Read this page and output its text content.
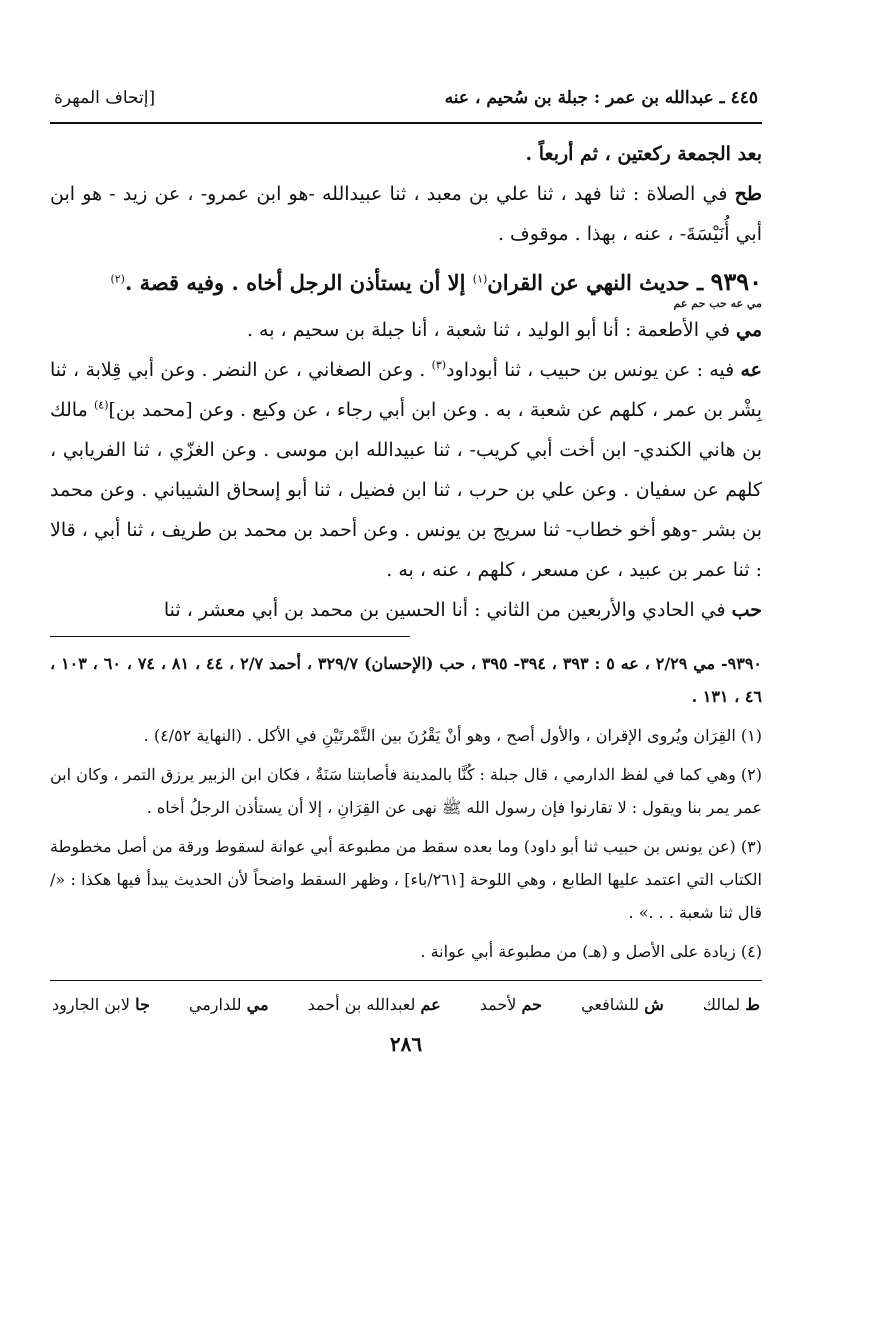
٤٤٥ ـ عبدالله بن عمر : جبلة بن سُحيم ، عنه
[إتحاف المهرة

بعد الجمعة ركعتين ، ثم أربعاً .

طح في الصلاة : ثنا فهد ، ثنا علي بن معبد ، ثنا عبيدالله -هو ابن عمرو- ، عن زيد - هو ابن أبي أُنَيْسَةَ- ، عنه ، بهذا . موقوف .

٩٣٩٠ ـ حديث النهي عن القران$^{(١)}$ إلا أن يستأذن الرجل أخاه . وفيه قصة .$^{(٢)}$

مي عه حب حم عم

مي في الأطعمة : أنا أبو الوليد ، ثنا شعبة ، أنا جبلة بن سحيم ، به .

عه فيه : عن يونس بن حبيب ، ثنا أبوداود$^{(٣)}$ . وعن الصغاني ، عن النضر . وعن أبي قِلابة ، ثنا بِشْر بن عمر ، كلهم عن شعبة ، به . وعن ابن أبي رجاء ، عن وكيع . وعن [محمد بن]$^{(٤)}$ مالك بن هاني الكندي- ابن أخت أبي كريب- ، ثنا عبيدالله ابن موسى . وعن الغزّي ، ثنا الفريابي ، كلهم عن سفيان . وعن علي بن حرب ، ثنا ابن فضيل ، ثنا أبو إسحاق الشيباني . وعن محمد بن بشر -وهو أخو خطاب- ثنا سريج بن يونس . وعن أحمد بن محمد بن طريف ، ثنا أبي ، قالا : ثنا عمر بن عبيد ، عن مسعر ، كلهم ، عنه ، به .

حب في الحادي والأربعين من الثاني : أنا الحسين بن محمد بن أبي معشر ، ثنا

٩٣٩٠- مي ٢/٢٩ ، عه ٥ : ٣٩٣ ، ٣٩٤- ٣٩٥ ، حب (الإحسان) ٣٢٩/٧ ، أحمد ٢/٧ ، ٤٤ ، ٨١ ، ٧٤ ، ٦٠ ، ١٠٣ ، ٤٦ ، ١٣١ .

(١) القِرَان ويُروى الإقران ، والأول أصح ، وهو أنْ يَقْرُنَ بين التَّمْرتَيْنِ في الأكل . (النهاية ٤/٥٢) .

(٢) وهي كما في لفظ الدارمي ، قال جبلة : كُنَّا بالمدينة فأصابتنا سَنَةٌ ، فكان ابن الزبير يرزق التمر ، وكان ابن عمر يمر بنا ويقول : لا تقارنوا فإن رسول الله ﷺ نهى عن القِرَانِ ، إلا أن يستأذن الرجلُ أخاه .

(٣) (عن يونس بن حبيب ثنا أبو داود) وما بعده سقط من مطبوعة أبي عوانة لسقوط ورقة من أصل مخطوطة الكتاب التي اعتمد عليها الطابع ، وهي اللوحة [٢٦١/باء] ، وظهر السقط واضحاً لأن الحديث يبدأ فيها هكذا : «/ قال ثنا شعبة . . .» .

(٤) زيادة على الأصل و (هـ) من مطبوعة أبي عوانة .

ط لمالك
ش للشافعي
حم لأحمد
عم لعبدالله بن أحمد
مي للدارمي
جا لابن الجارود
٢٨٦
